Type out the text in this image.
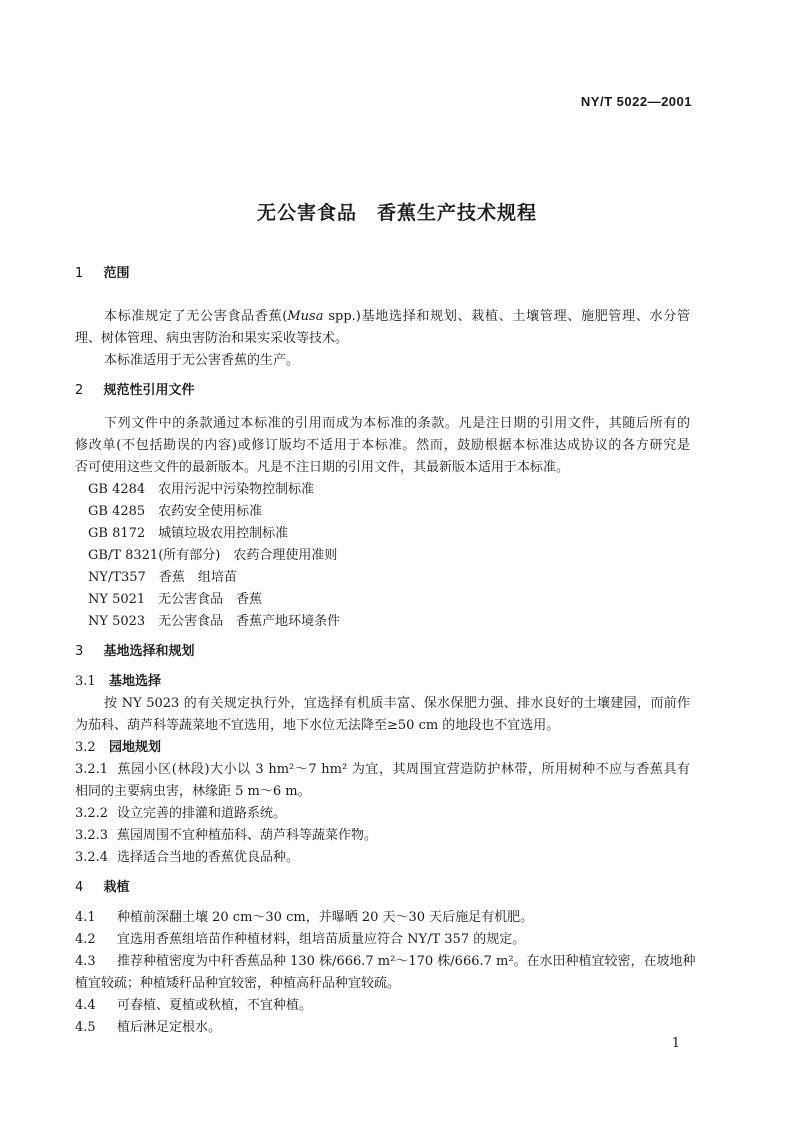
NY/T 5022—2001
无公害食品　香蕉生产技术规程
1 范围
本标准规定了无公害食品香蕉(Musa spp.)基地选择和规划、栽植、土壤管理、施肥管理、水分管
理、树体管理、病虫害防治和果实采收等技术。
本标准适用于无公害香蕉的生产。
2 规范性引用文件
下列文件中的条款通过本标准的引用而成为本标准的条款。凡是注日期的引用文件，其随后所有的
修改单(不包括勘误的内容)或修订版均不适用于本标准。然而，鼓励根据本标准达成协议的各方研究是
否可使用这些文件的最新版本。凡是不注日期的引用文件，其最新版本适用于本标准。
GB 4284　农用污泥中污染物控制标准
GB 4285　农药安全使用标准
GB 8172　城镇垃圾农用控制标准
GB/T 8321(所有部分)　农药合理使用准则
NY/T357　香蕉　组培苗
NY 5021　无公害食品　香蕉
NY 5023　无公害食品　香蕉产地环境条件
3 基地选择和规划
3.1 基地选择
按 NY 5023 的有关规定执行外，宜选择有机质丰富、保水保肥力强、排水良好的土壤建园，而前作
为茄科、葫芦科等蔬菜地不宜选用，地下水位无法降至≥50 cm 的地段也不宜选用。
3.2 园地规划
3.2.1 蕉园小区(林段)大小以 3 hm²～7 hm² 为宜，其周围宜营造防护林带，所用树种不应与香蕉具有
相同的主要病虫害，林缘距 5 m～6 m。
3.2.2 设立完善的排灌和道路系统。
3.2.3 蕉园周围不宜种植茄科、葫芦科等蔬菜作物。
3.2.4 选择适合当地的香蕉优良品种。
4 栽植
4.1 种植前深翻土壤 20 cm～30 cm，并曝晒 20 天～30 天后施足有机肥。
4.2 宜选用香蕉组培苗作种植材料，组培苗质量应符合 NY/T 357 的规定。
4.3 推荐种植密度为中秆香蕉品种 130 株/666.7 m²～170 株/666.7 m²。在水田种植宜较密，在坡地种
植宜较疏；种植矮秆品种宜较密，种植高秆品种宜较疏。
4.4 可春植、夏植或秋植，不宜种植。
4.5 植后淋足定根水。
1
